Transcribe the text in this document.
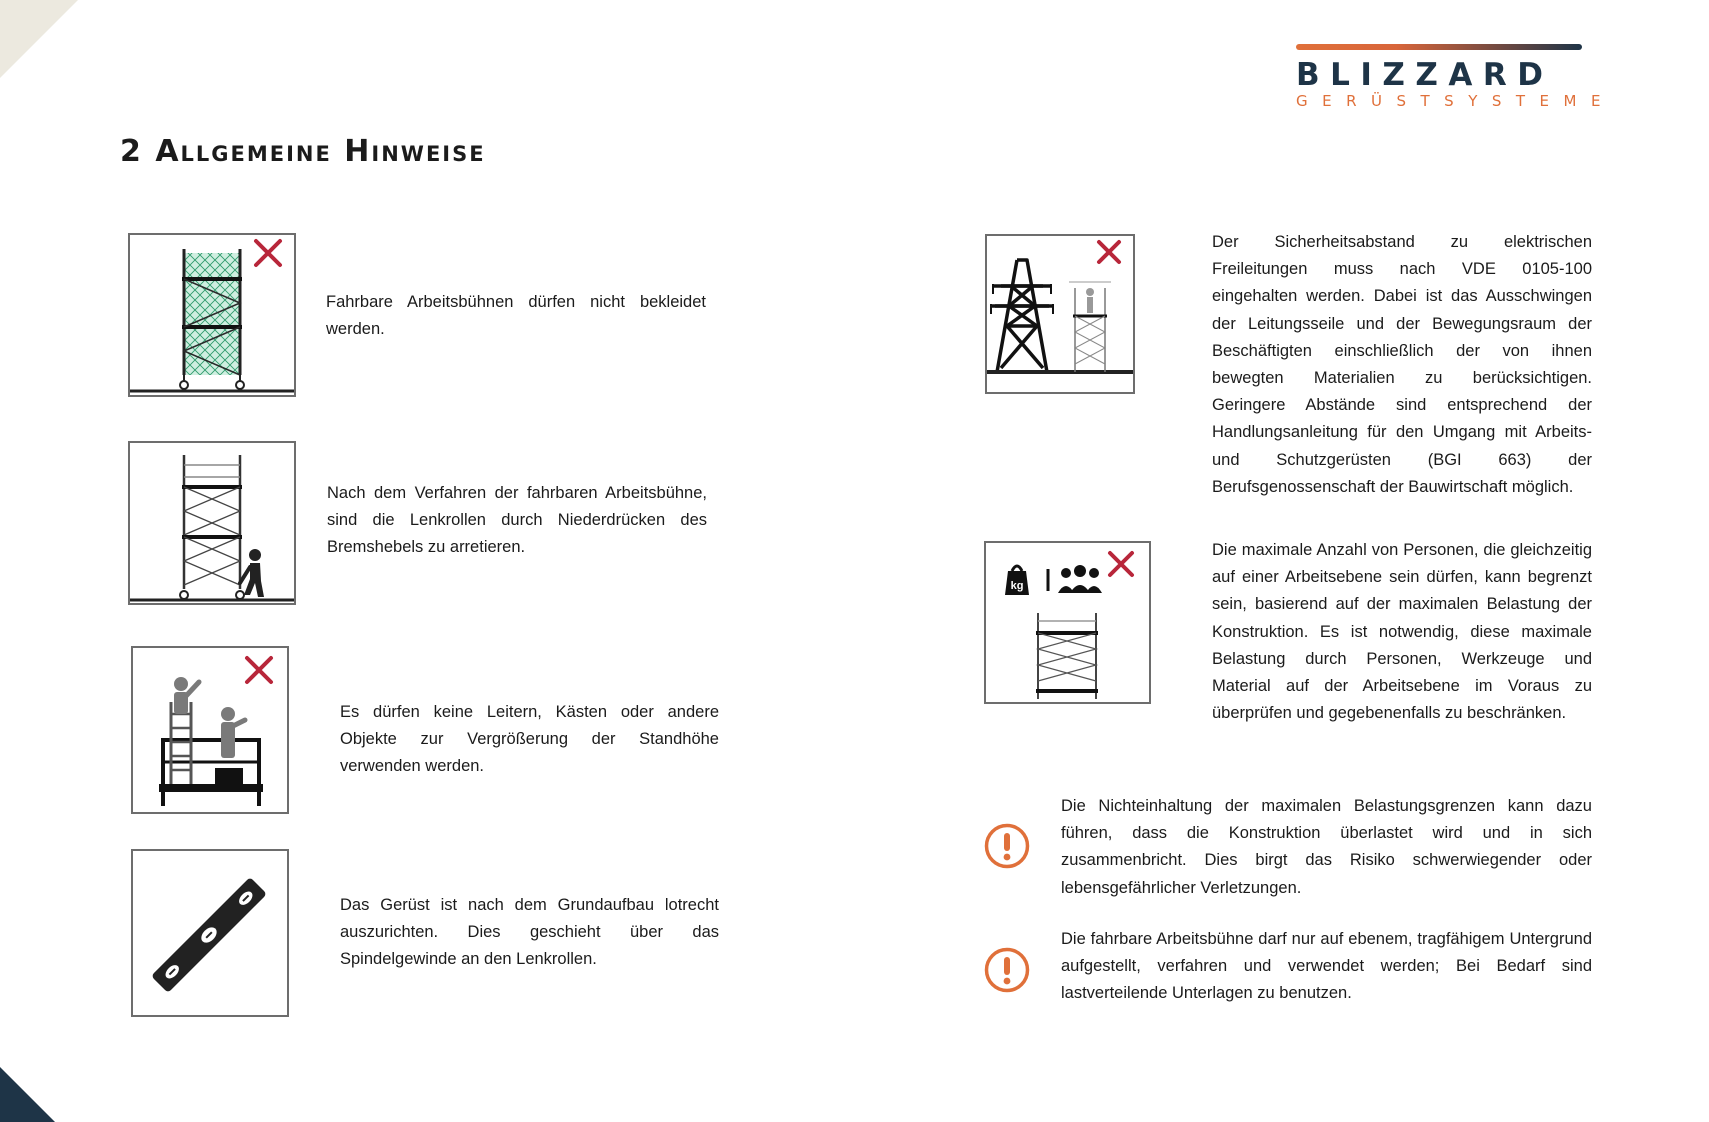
BLIZZARD
GERÜSTSYSTEME
2 Allgemeine Hinweise

Fahrbare Arbeitsbühnen dürfen nicht bekleidet werden.

Nach dem Verfahren der fahrbaren Arbeitsbühne, sind die Lenkrollen durch Niederdrücken des Bremshebels zu arretieren.

Es dürfen keine Leitern, Kästen oder andere Objekte zur Vergrößerung der Standhöhe verwenden werden.

Das Gerüst ist nach dem Grundaufbau lotrecht auszurichten. Dies geschieht über das Spindelgewinde an den Lenkrollen.

Der Sicherheitsabstand zu elektrischen Freileitungen muss nach VDE 0105-100 eingehalten werden. Dabei ist das Ausschwingen der Leitungsseile und der Bewegungsraum der Beschäftigten einschließlich der von ihnen bewegten Materialien zu berücksichtigen. Geringere Abstände sind entsprechend der Handlungsanleitung für den Umgang mit Arbeits- und Schutzgerüsten (BGI 663) der Berufsgenossenschaft der Bauwirtschaft möglich.

kg

Die maximale Anzahl von Personen, die gleichzeitig auf einer Arbeitsebene sein dürfen, kann begrenzt sein, basierend auf der maximalen Belastung der Konstruktion. Es ist notwendig, diese maximale Belastung durch Personen, Werkzeuge und Material auf der Arbeitsebene im Voraus zu überprüfen und gegebenenfalls zu beschränken.

Die Nichteinhaltung der maximalen Belastungsgrenzen kann dazu führen, dass die Konstruktion überlastet wird und in sich zusammenbricht. Dies birgt das Risiko schwerwiegender oder lebensgefährlicher Verletzungen.

Die fahrbare Arbeitsbühne darf nur auf ebenem, tragfähigem Untergrund aufgestellt, verfahren und verwendet werden; Bei Bedarf sind lastverteilende Unterlagen zu benutzen.
